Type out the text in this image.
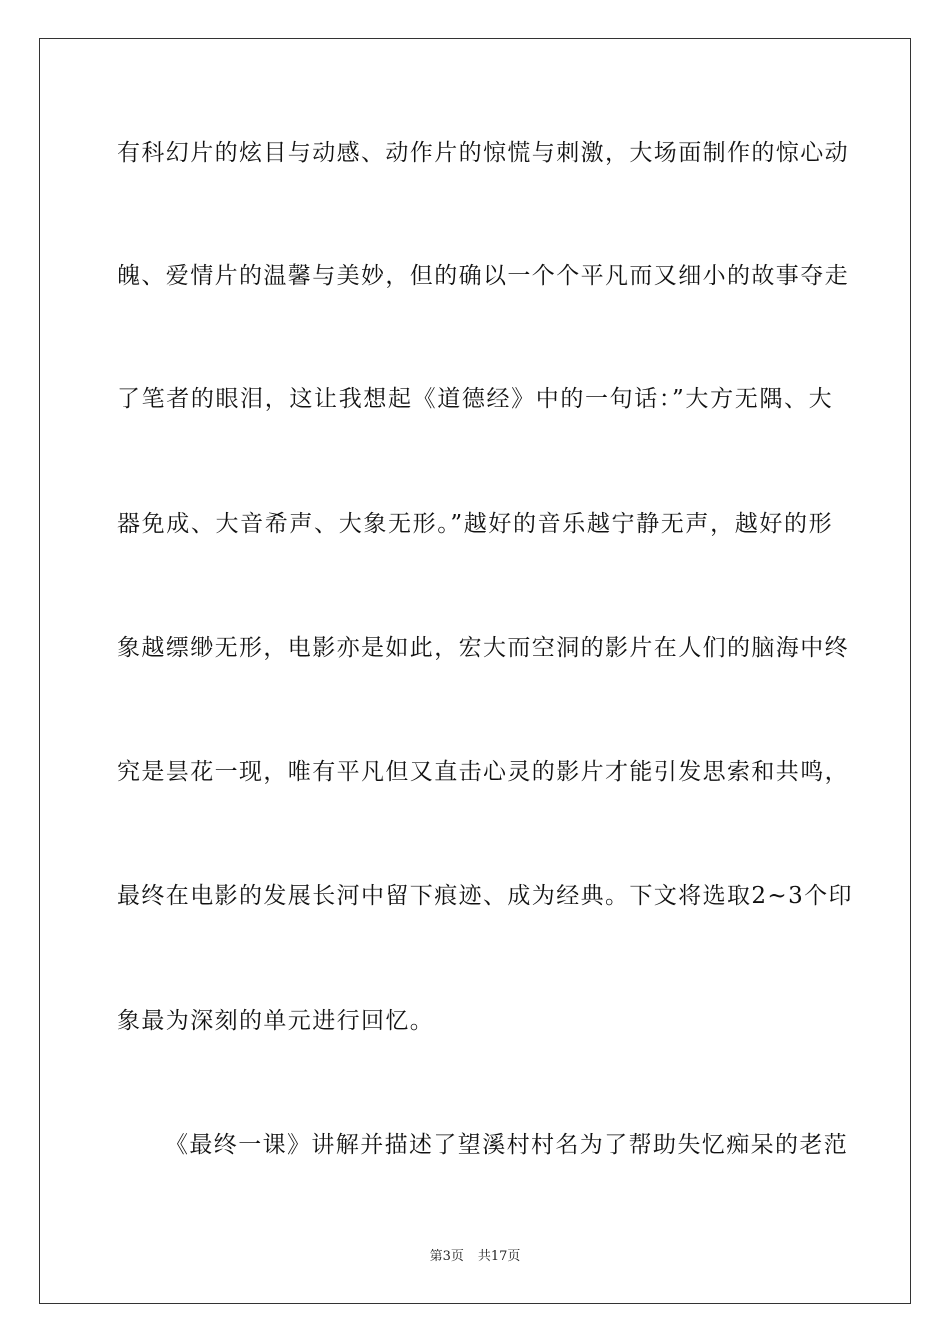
有科幻片的炫目与动感、动作片的惊慌与刺激，大场面制作的惊心动
魄、爱情片的温馨与美妙，但的确以一个个平凡而又细小的故事夺走
了笔者的眼泪，这让我想起《道德经》中的一句话：”大方无隅、大
器免成、大音希声、大象无形。”越好的音乐越宁静无声，越好的形
象越缥缈无形，电影亦是如此，宏大而空洞的影片在人们的脑海中终
究是昙花一现，唯有平凡但又直击心灵的影片才能引发思索和共鸣，
最终在电影的发展长河中留下痕迹、成为经典。下文将选取2~3个印
象最为深刻的单元进行回忆。
《最终一课》讲解并描述了望溪村村名为了帮助失忆痴呆的老范
第3页 共17页
